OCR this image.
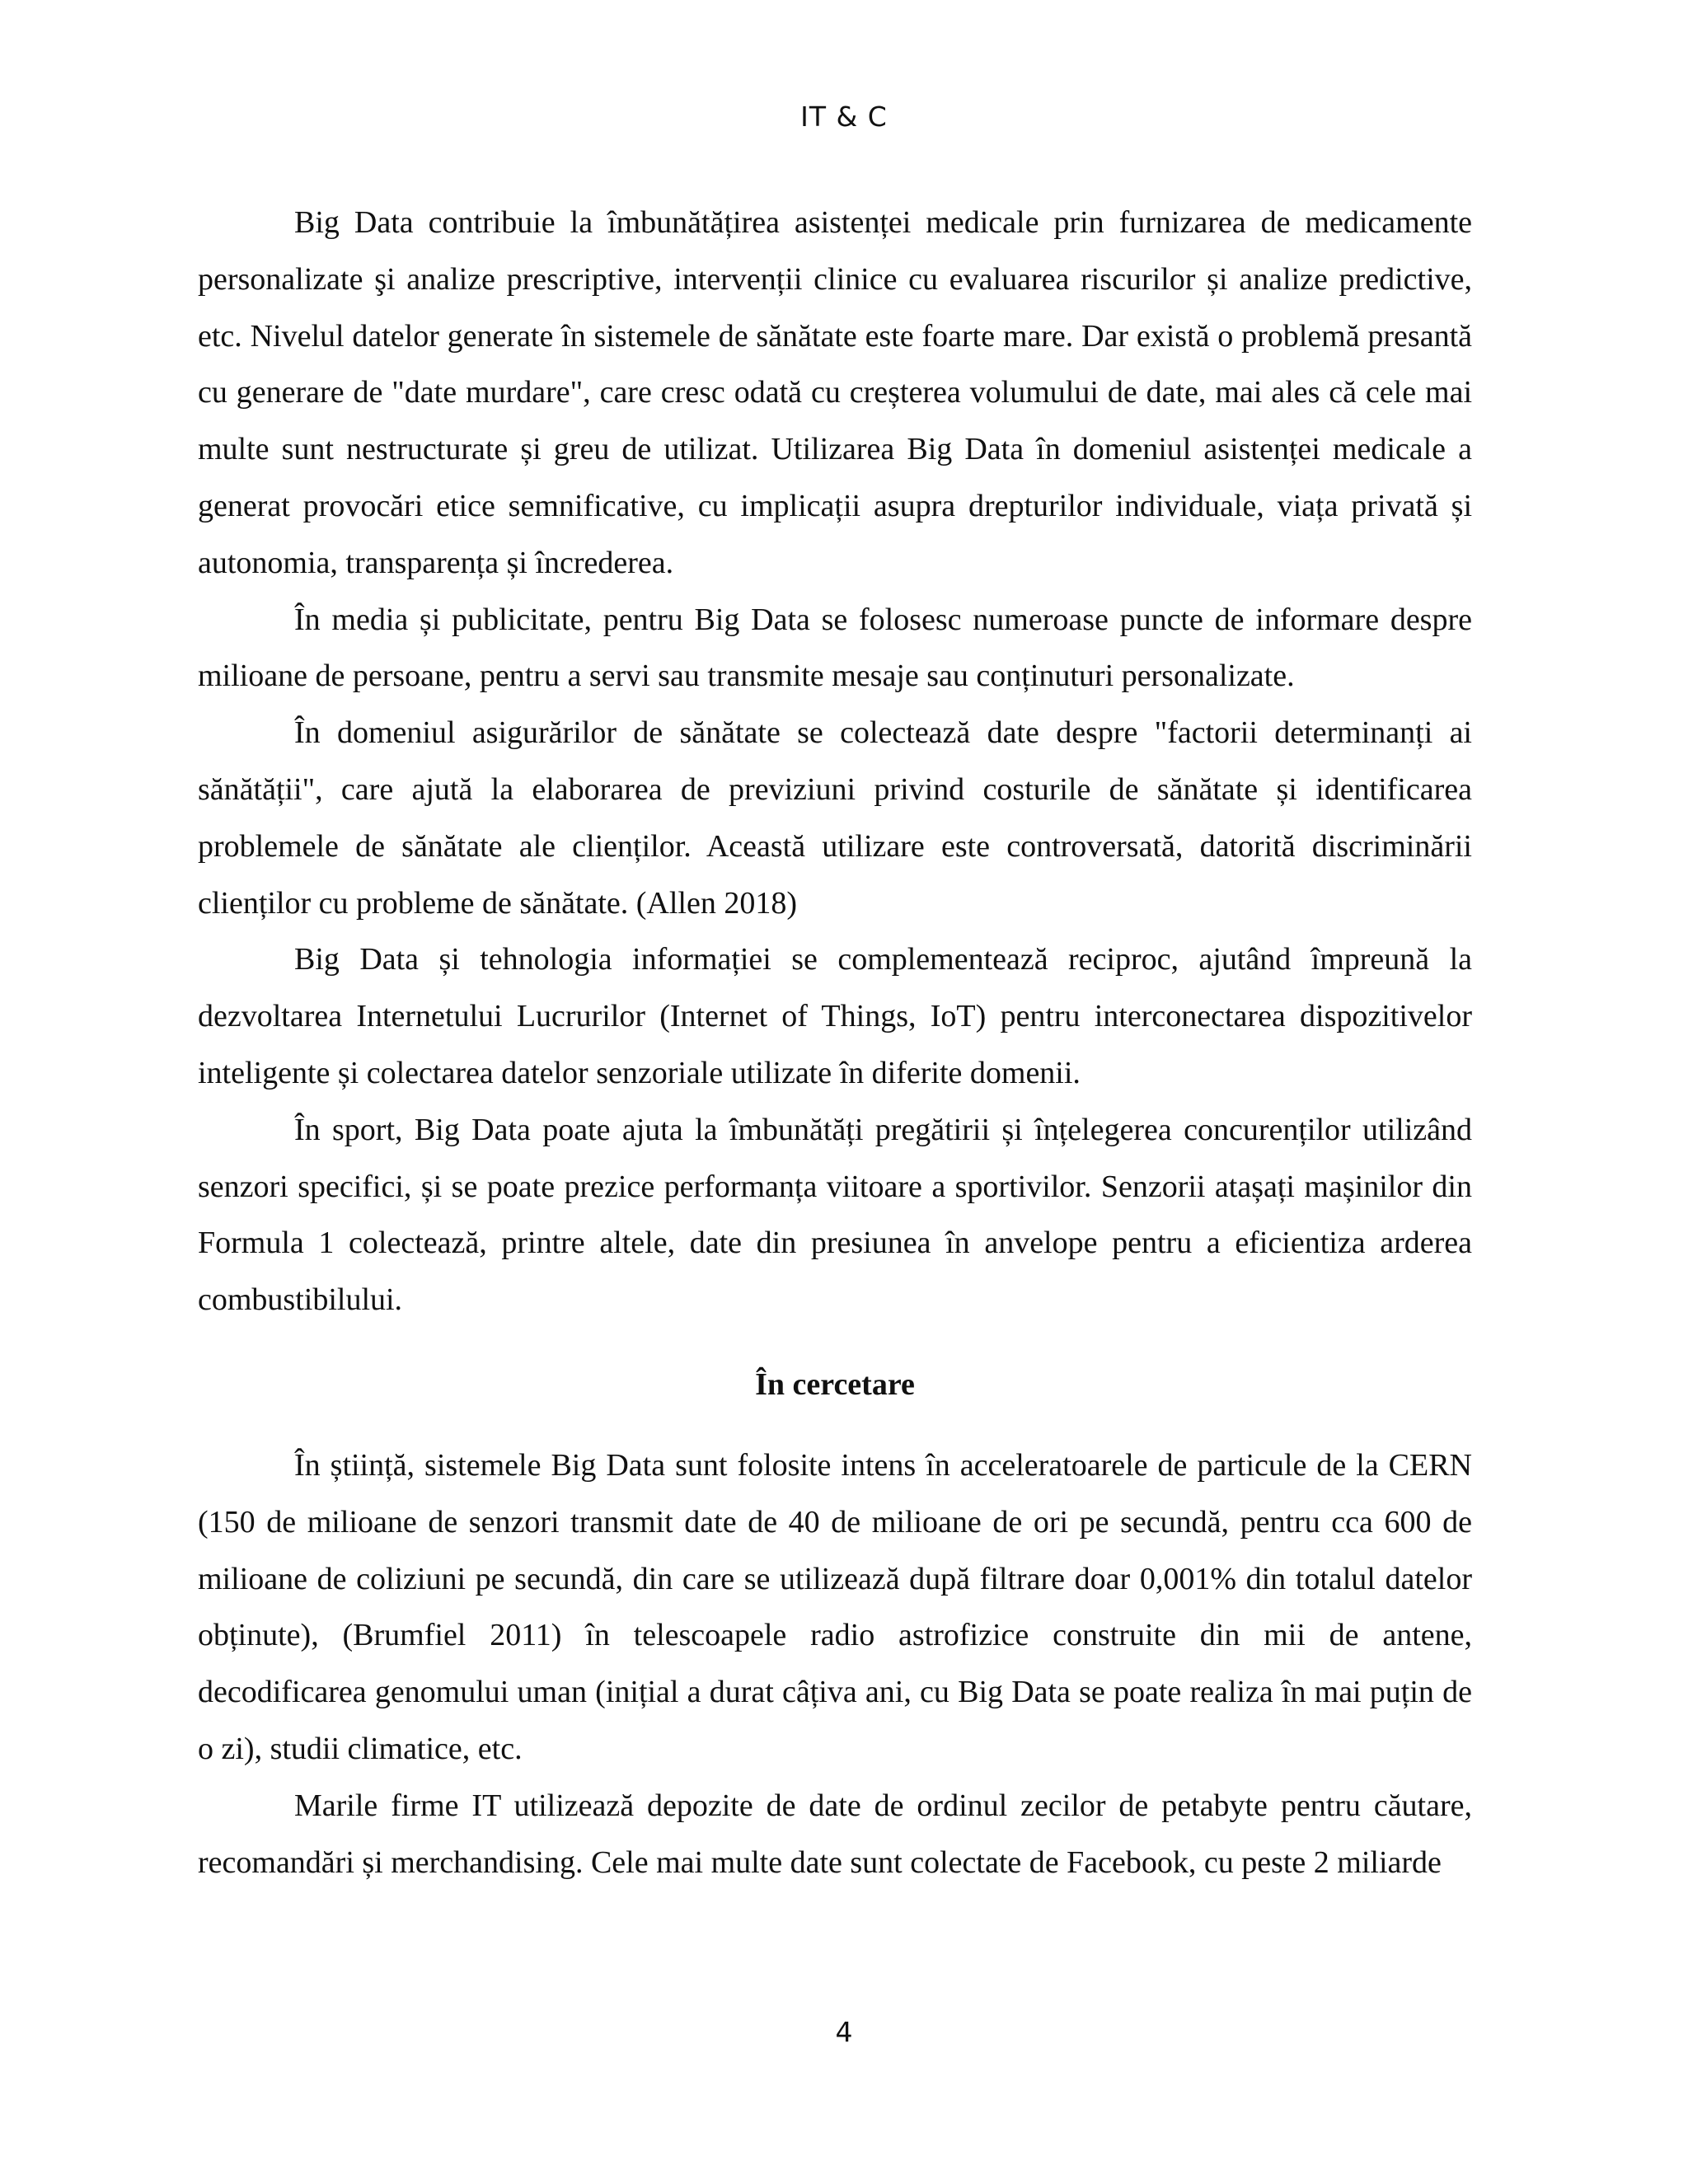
IT & C

Big Data contribuie la îmbunătățirea asistenței medicale prin furnizarea de medicamente personalizate şi analize prescriptive, intervenții clinice cu evaluarea riscurilor și analize predictive, etc. Nivelul datelor generate în sistemele de sănătate este foarte mare. Dar există o problemă presantă cu generare de "date murdare", care cresc odată cu creșterea volumului de date, mai ales că cele mai multe sunt nestructurate și greu de utilizat. Utilizarea Big Data în domeniul asistenței medicale a generat provocări etice semnificative, cu implicații asupra drepturilor individuale, viața privată și autonomia, transparența și încrederea.

În media și publicitate, pentru Big Data se folosesc numeroase puncte de informare despre milioane de persoane, pentru a servi sau transmite mesaje sau conținuturi personalizate.

În domeniul asigurărilor de sănătate se colectează date despre "factorii determinanți ai sănătății", care ajută la elaborarea de previziuni privind costurile de sănătate și identificarea problemele de sănătate ale clienților. Această utilizare este controversată, datorită discriminării clienților cu probleme de sănătate. (Allen 2018)

Big Data și tehnologia informației se complementează reciproc, ajutând împreună la dezvoltarea Internetului Lucrurilor (Internet of Things, IoT) pentru interconectarea dispozitivelor inteligente și colectarea datelor senzoriale utilizate în diferite domenii.

În sport, Big Data poate ajuta la îmbunătăți pregătirii și înțelegerea concurenților utilizând senzori specifici, și se poate prezice performanța viitoare a sportivilor. Senzorii atașați mașinilor din Formula 1 colectează, printre altele, date din presiunea în anvelope pentru a eficientiza arderea combustibilului.

În cercetare

În știință, sistemele Big Data sunt folosite intens în acceleratoarele de particule de la CERN (150 de milioane de senzori transmit date de 40 de milioane de ori pe secundă, pentru cca 600 de milioane de coliziuni pe secundă, din care se utilizează după filtrare doar 0,001% din totalul datelor obținute), (Brumfiel 2011) în telescoapele radio astrofizice construite din mii de antene, decodificarea genomului uman (inițial a durat câțiva ani, cu Big Data se poate realiza în mai puțin de o zi), studii climatice, etc.

Marile firme IT utilizează depozite de date de ordinul zecilor de petabyte pentru căutare, recomandări și merchandising. Cele mai multe date sunt colectate de Facebook, cu peste 2 miliarde

4
